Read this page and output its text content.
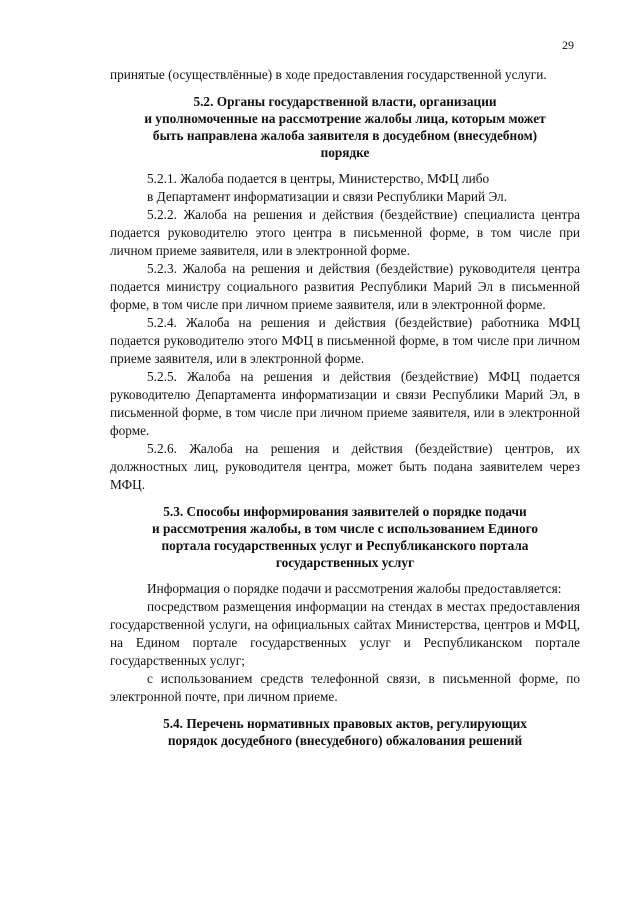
29

принятые (осуществлённые) в ходе предоставления государственной услуги.

5.2. Органы государственной власти, организации
и уполномоченные на рассмотрение жалобы лица, которым может
быть направлена жалоба заявителя в досудебном (внесудебном)
порядке

5.2.1. Жалоба подается в центры, Министерство, МФЦ либо

в Департамент информатизации и связи Республики Марий Эл.

5.2.2. Жалоба на решения и действия (бездействие) специалиста центра подается руководителю этого центра в письменной форме, в том числе при личном приеме заявителя, или в электронной форме.

5.2.3. Жалоба на решения и действия (бездействие) руководителя центра подается министру социального развития Республики Марий Эл в письменной форме, в том числе при личном приеме заявителя, или в электронной форме.

5.2.4. Жалоба на решения и действия (бездействие) работника МФЦ подается руководителю этого МФЦ в письменной форме, в том числе при личном приеме заявителя, или в электронной форме.

5.2.5. Жалоба на решения и действия (бездействие) МФЦ подается руководителю Департамента информатизации и связи Республики Марий Эл, в письменной форме, в том числе при личном приеме заявителя, или в электронной форме.

5.2.6. Жалоба на решения и действия (бездействие) центров, их должностных лиц, руководителя центра, может быть подана заявителем через МФЦ.

5.3. Способы информирования заявителей о порядке подачи
и рассмотрения жалобы, в том числе с использованием Единого
портала государственных услуг и Республиканского портала
государственных услуг

Информация о порядке подачи и рассмотрения жалобы предоставляется:

посредством размещения информации на стендах в местах предоставления государственной услуги, на официальных сайтах Министерства, центров и МФЦ, на Едином портале государственных услуг и Республиканском портале государственных услуг;

с использованием средств телефонной связи, в письменной форме, по электронной почте, при личном приеме.

5.4. Перечень нормативных правовых актов, регулирующих
порядок досудебного (внесудебного) обжалования решений
